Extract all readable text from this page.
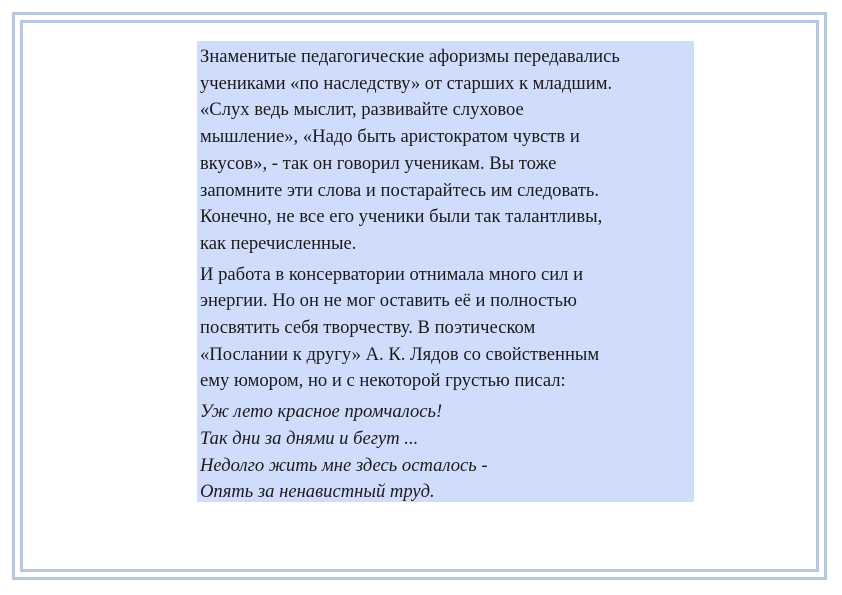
Знаменитые педагогические афоризмы передавались
учениками «по наследству» от старших к младшим.
«Слух ведь мыслит, развивайте слуховое
мышление», «Надо быть аристократом чувств и
вкусов», - так он говорил ученикам. Вы тоже
запомните эти слова и постарайтесь им следовать.
Конечно, не все его ученики были так талантливы,
как перечисленные.

И работа в консерватории отнимала много сил и
энергии. Но он не мог оставить её и полностью
посвятить себя творчеству. В поэтическом
«Послании к другу» А. К. Лядов со свойственным
ему юмором, но и с некоторой грустью писал:

Уж лето красное промчалось!
Так дни за днями и бегут ...
Недолго жить мне здесь осталось -
Опять за ненавистный труд.
